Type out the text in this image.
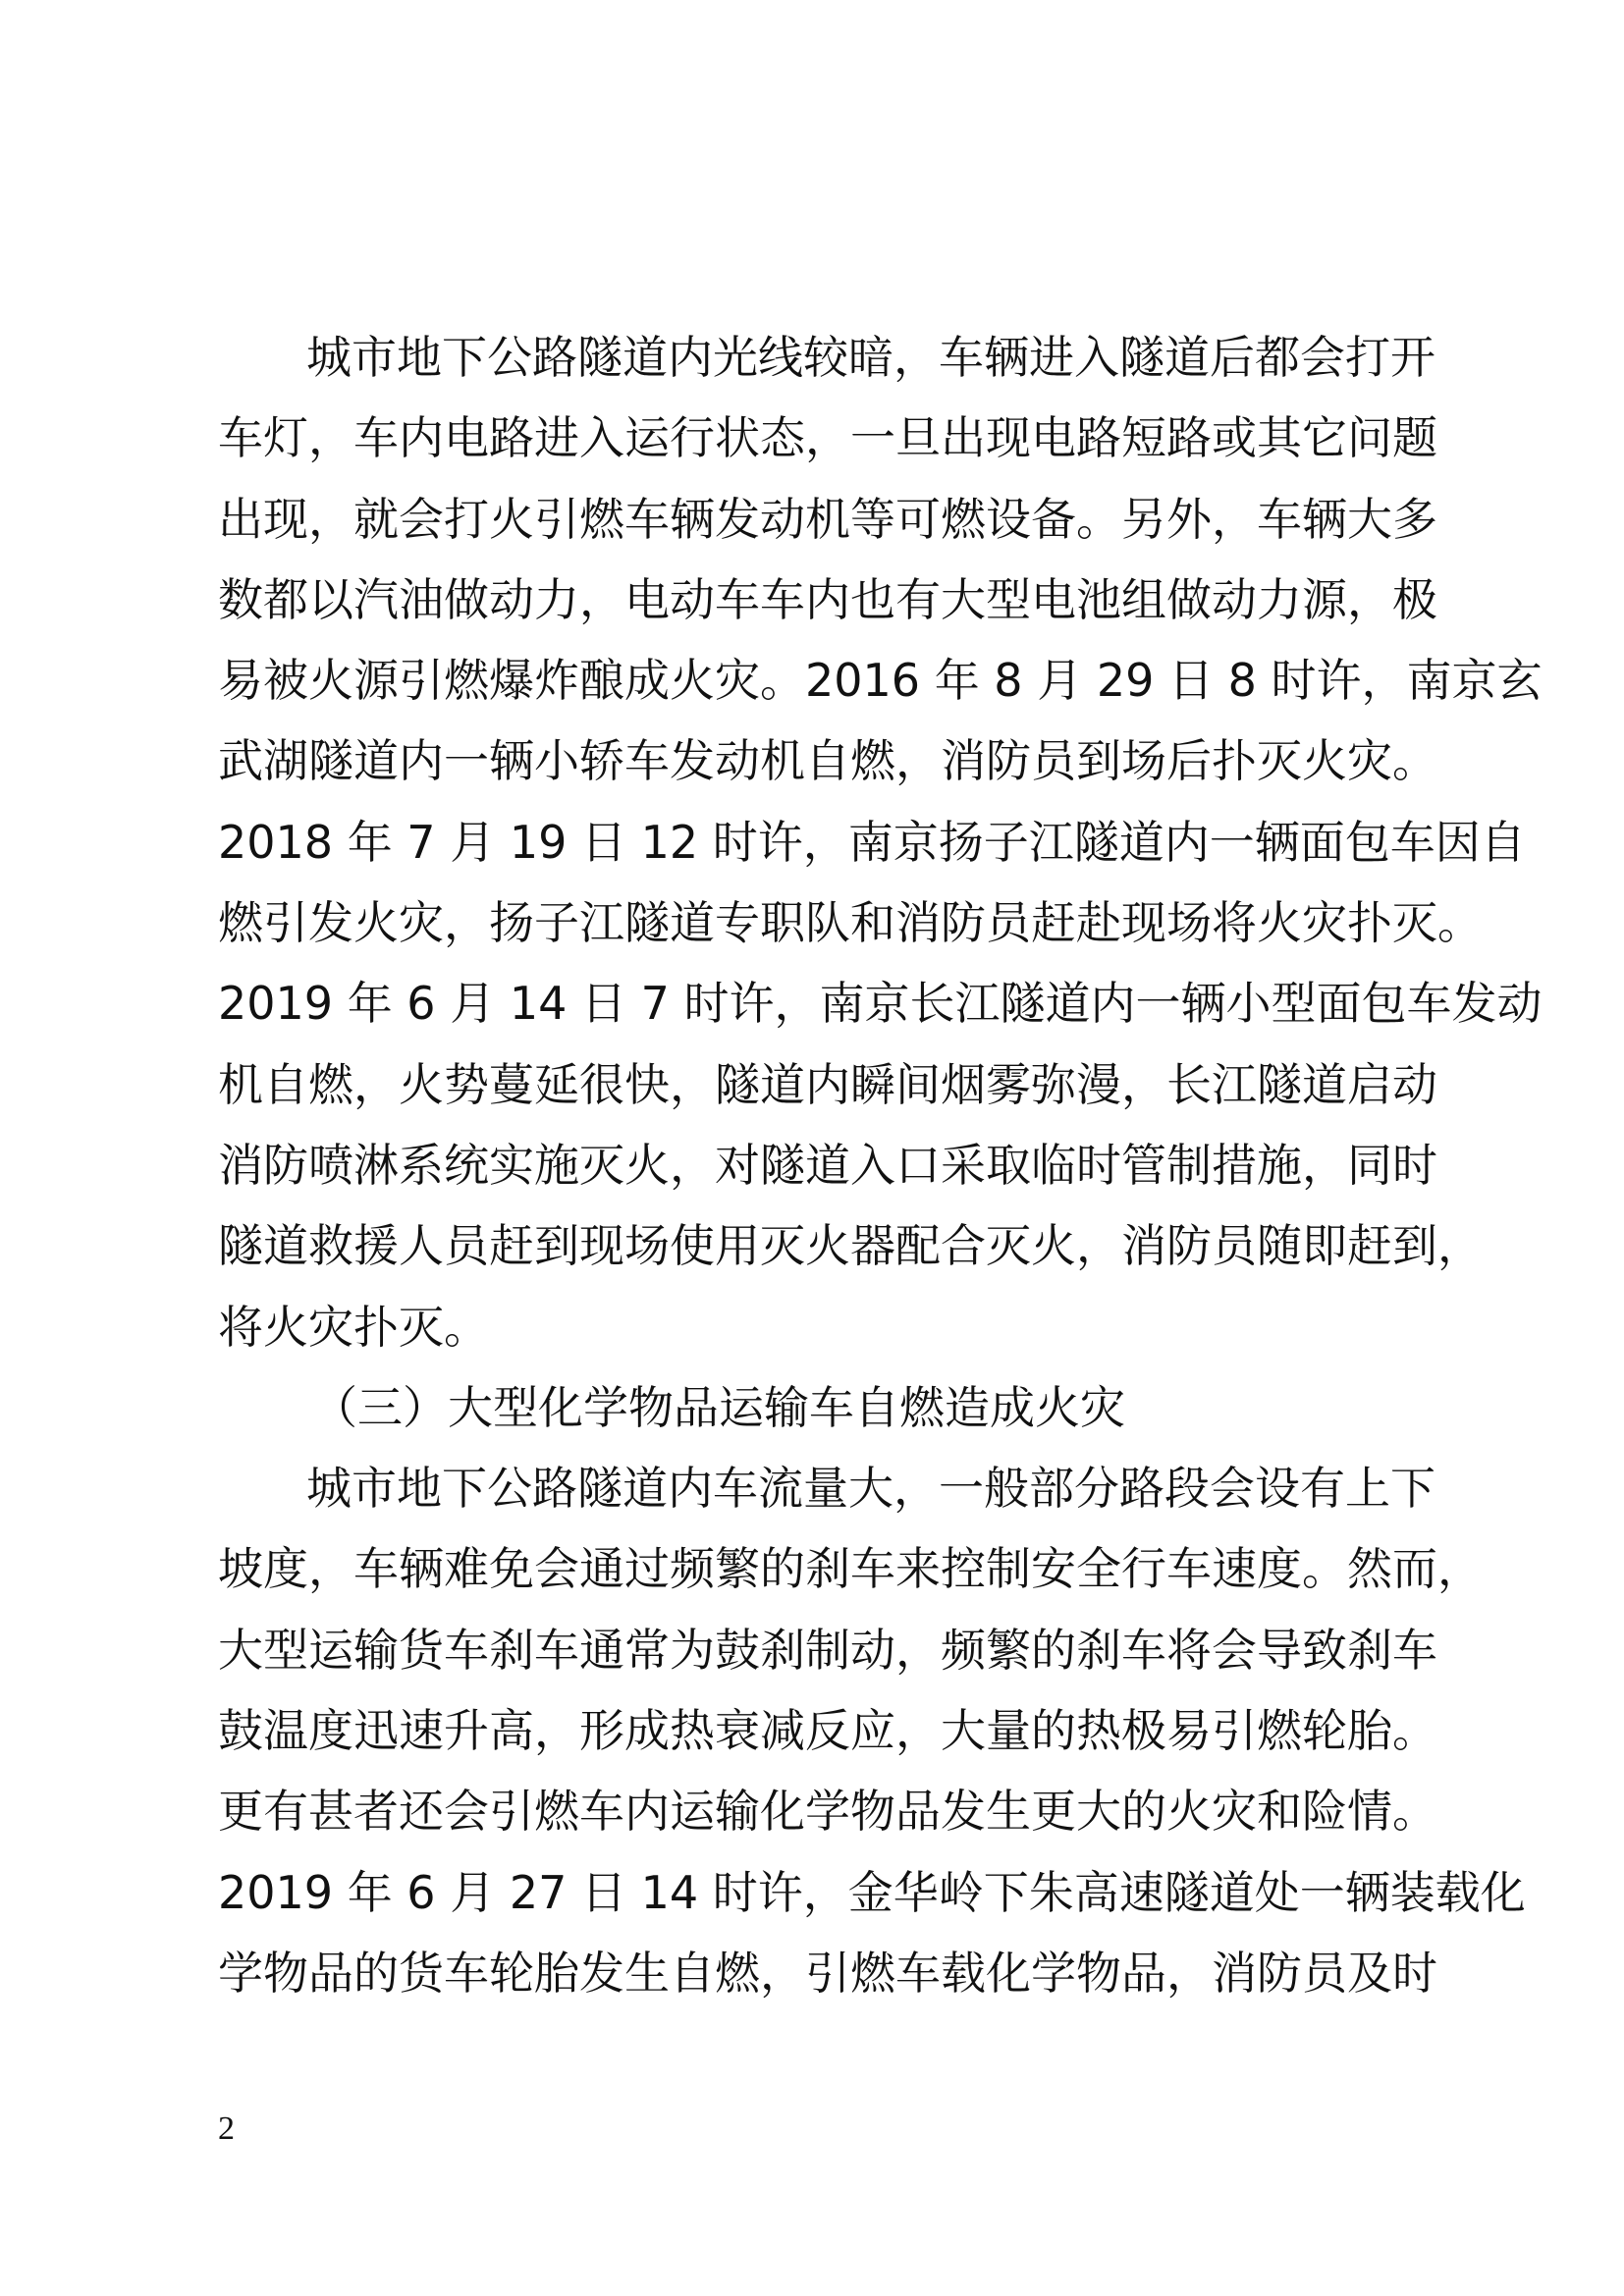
城市地下公路隧道内光线较暗，车辆进入隧道后都会打开
车灯，车内电路进入运行状态，一旦出现电路短路或其它问题
出现，就会打火引燃车辆发动机等可燃设备。另外，车辆大多
数都以汽油做动力，电动车车内也有大型电池组做动力源，极
易被火源引燃爆炸酿成火灾。2016 年 8 月 29 日 8 时许，南京玄
武湖隧道内一辆小轿车发动机自燃，消防员到场后扑灭火灾。
2018 年 7 月 19 日 12 时许，南京扬子江隧道内一辆面包车因自
燃引发火灾，扬子江隧道专职队和消防员赶赴现场将火灾扑灭。
2019 年 6 月 14 日 7 时许，南京长江隧道内一辆小型面包车发动
机自燃，火势蔓延很快，隧道内瞬间烟雾弥漫，长江隧道启动
消防喷淋系统实施灭火，对隧道入口采取临时管制措施，同时
隧道救援人员赶到现场使用灭火器配合灭火，消防员随即赶到，
将火灾扑灭。
（三）大型化学物品运输车自燃造成火灾
城市地下公路隧道内车流量大，一般部分路段会设有上下
坡度，车辆难免会通过频繁的刹车来控制安全行车速度。然而，
大型运输货车刹车通常为鼓刹制动，频繁的刹车将会导致刹车
鼓温度迅速升高，形成热衰减反应，大量的热极易引燃轮胎。
更有甚者还会引燃车内运输化学物品发生更大的火灾和险情。
2019 年 6 月 27 日 14 时许，金华岭下朱高速隧道处一辆装载化
学物品的货车轮胎发生自燃，引燃车载化学物品，消防员及时
2
